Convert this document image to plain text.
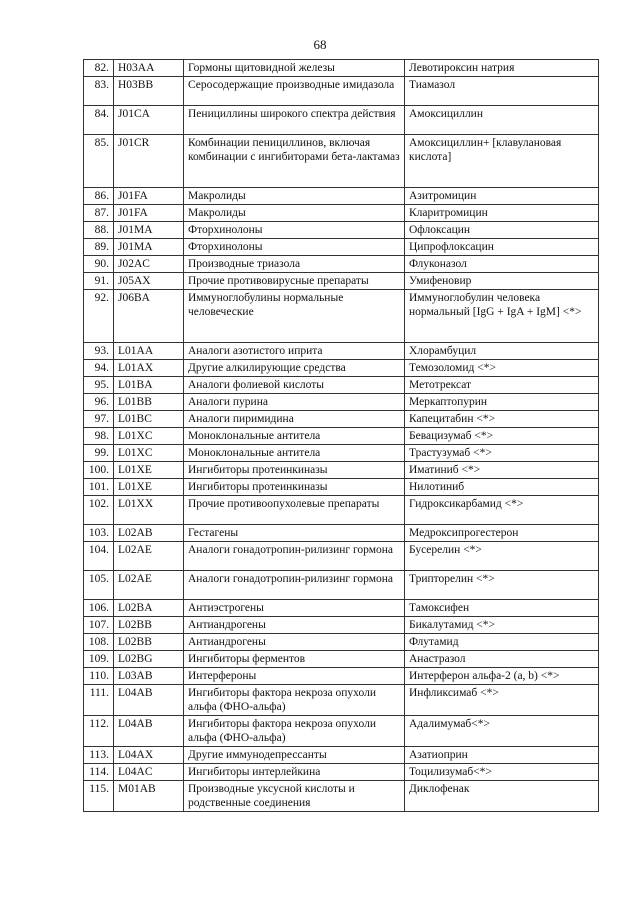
68
82.	H03AA	Гормоны щитовидной железы	Левотироксин натрия
83.	H03BB	Серосодержащие производные имидазола	Тиамазол
84.	J01CA	Пенициллины широкого спектра действия	Амоксициллин
85.	J01CR	Комбинации пенициллинов, включая комбинации с ингибиторами бета-лактамаз	Амоксициллин+ [клавулановая кислота]
86.	J01FA	Макролиды	Азитромицин
87.	J01FA	Макролиды	Кларитромицин
88.	J01MA	Фторхинолоны	Офлоксацин
89.	J01MA	Фторхинолоны	Ципрофлоксацин
90.	J02AC	Производные триазола	Флуконазол
91.	J05AX	Прочие противовирусные препараты	Умифеновир
92.	J06BA	Иммуноглобулины нормальные человеческие	Иммуноглобулин человека нормальный [IgG + IgA + IgM] <*>
93.	L01AA	Аналоги азотистого иприта	Хлорамбуцил
94.	L01AX	Другие алкилирующие средства	Темозоломид <*>
95.	L01BA	Аналоги фолиевой кислоты	Метотрексат
96.	L01BB	Аналоги пурина	Меркаптопурин
97.	L01BC	Аналоги пиримидина	Капецитабин <*>
98.	L01XC	Моноклональные антитела	Бевацизумаб <*>
99.	L01XC	Моноклональные антитела	Трастузумаб <*>
100.	L01XE	Ингибиторы протеинкиназы	Иматиниб <*>
101.	L01XE	Ингибиторы протеинкиназы	Нилотиниб
102.	L01XX	Прочие противоопухолевые препараты	Гидроксикарбамид <*>
103.	L02AB	Гестагены	Медроксипрогестерон
104.	L02AE	Аналоги гонадотропин-рилизинг гормона	Бусерелин <*>
105.	L02AE	Аналоги гонадотропин-рилизинг гормона	Трипторелин <*>
106.	L02BA	Антиэстрогены	Тамоксифен
107.	L02BB	Антиандрогены	Бикалутамид <*>
108.	L02BB	Антиандрогены	Флутамид
109.	L02BG	Ингибиторы ферментов	Анастразол
110.	L03AB	Интерфероны	Интерферон альфа-2 (a, b) <*>
111.	L04AB	Ингибиторы фактора некроза опухоли альфа (ФНО-альфа)	Инфликсимаб <*>
112.	L04AB	Ингибиторы фактора некроза опухоли альфа (ФНО-альфа)	Адалимумаб<*>
113.	L04AX	Другие иммунодепрессанты	Азатиоприн
114.	L04AC	Ингибиторы интерлейкина	Тоцилизумаб<*>
115.	M01AB	Производные уксусной кислоты и родственные соединения	Диклофенак
